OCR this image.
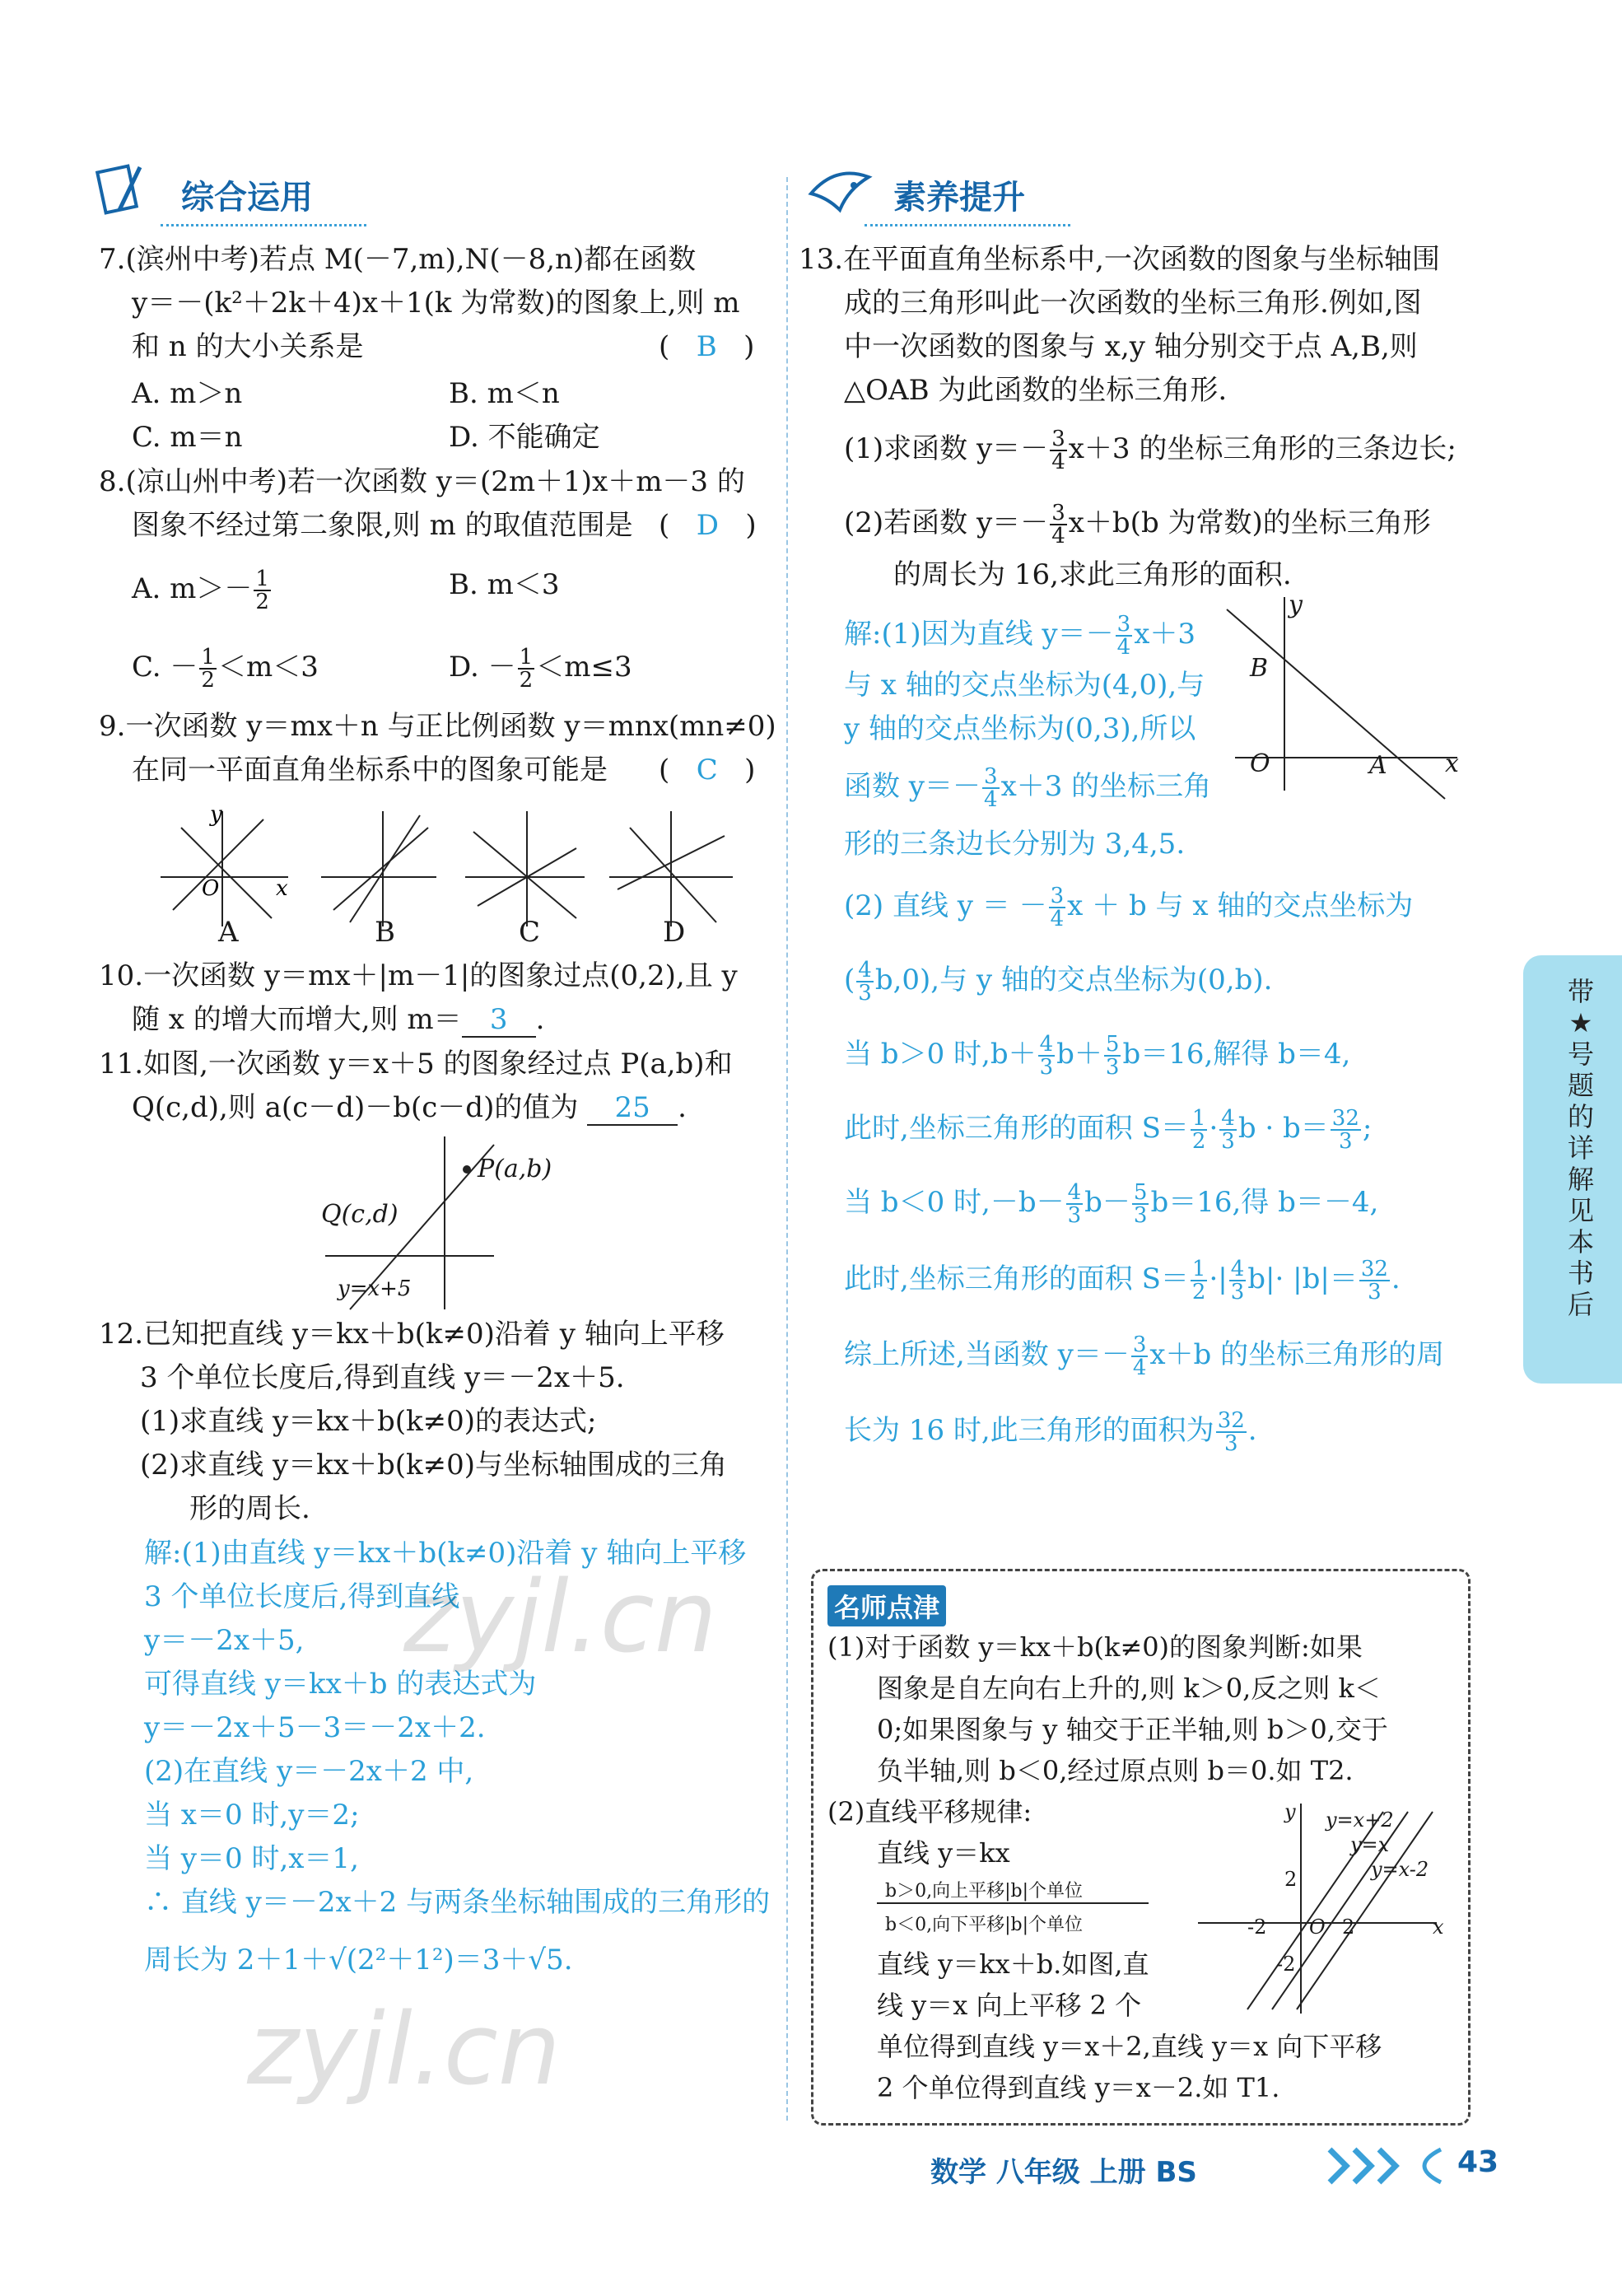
综合运用	素养提升
7.(滨州中考)若点 M(－7,m),N(－8,n)都在函数
y＝－(k²＋2k＋4)x＋1(k 为常数)的图象上,则 m
和 n 的大小关系是	(   B   )
A. m＞n	B. m＜n
C. m＝n	D. 不能确定
8.(凉山州中考)若一次函数 y＝(2m＋1)x＋m－3 的
图象不经过第二象限,则 m 的取值范围是 (   D   )
A. $m>- \frac{1}{2}$	B. m＜3
C. － $\frac{1}{2} <m<3$	D. － $\frac{1}{2} <m\le 3$
9.一次函数 y＝mx＋n 与正比例函数 y＝mnx(mn≠0)
在同一平面直角坐标系中的图象可能是 (   C   )
O	x
y
A	B	C	D
10.一次函数 y＝mx＋|m－1|的图象过点(0,2),且 y
随 x 的增大而增大,则 m＝ 3 .
11.如图,一次函数 y＝x＋5 的图象经过点 P(a,b)和
Q(c,d),则 a(c－d)－b(c－d)的值为 25 .
P(a,b)
Q(c,d)
y=x+5
12.已知把直线 y＝kx＋b(k≠0)沿着 y 轴向上平移
3 个单位长度后,得到直线 y＝－2x＋5.
(1)求直线 y＝kx＋b(k≠0)的表达式;
(2)求直线 y＝kx＋b(k≠0)与坐标轴围成的三角
形的周长.
解:(1)由直线 y＝kx＋b(k≠0)沿着 y 轴向上平移
3 个单位长度后,得到直线
y＝－2x＋5,
可得直线 y＝kx＋b 的表达式为
y＝－2x＋5－3＝－2x＋2.
(2)在直线 y＝－2x＋2 中,
当 x＝0 时,y＝2;
当 y＝0 时,x＝1,
∴ 直线 y＝－2x＋2 与两条坐标轴围成的三角形的
周长为 2＋1＋√(2²＋1²)＝3＋√5.
13.在平面直角坐标系中,一次函数的图象与坐标轴围
成的三角形叫此一次函数的坐标三角形.例如,图
中一次函数的图象与 x,y 轴分别交于点 A,B,则
△OAB 为此函数的坐标三角形.
(1)求函数 $y=- \frac{3}{4} x+3$ 的坐标三角形的三条边长;
(2)若函数 $y=- \frac{3}{4} x+b(b$ 为常数)的坐标三角形
的周长为 16,求此三角形的面积.
解:(1)因为直线 $y=- \frac{3}{4} x+3$
与 x 轴的交点坐标为(4,0),与
y 轴的交点坐标为(0,3),所以
函数 $y=- \frac{3}{4} x+3$ 的坐标三角
形的三条边长分别为 3,4,5.
B
A
O	x
y
(2) 直线 y ＝ － $\frac{3}{4}$ x ＋ b 与 x 轴的交点坐标为
( $\frac{4}{3} b,0$),与 y 轴的交点坐标为(0,b).
当 b＞0 时$,b+ \frac{4}{3} b+ \frac{5}{3} b=16$,解得 b＝4,
此时,坐标三角形的面积 $S= \frac{1}{2} \cdot \frac{4}{3}$ $b \cdot b= \frac{32}{3}$ ;
当 b＜0 时$,-b- \frac{4}{3} b- \frac{5}{3} b=16$,得 b＝－4,
此时,坐标三角形的面积 $S= \frac{1}{2}$ ·| $\frac{4}{3} b|\cdot |b|= \frac{32}{3}$ .
综上所述,当函数 $y=- \frac{3}{4} x+b$ 的坐标三角形的周
长为 16 时,此三角形的面积为 $\frac{32}{3}$ .
带★号题的详解见本书后
名师点津
(1)对于函数 y＝kx＋b(k≠0)的图象判断:如果
图象是自左向右上升的,则 k＞0,反之则 k＜
0;如果图象与 y 轴交于正半轴,则 b＞0,交于
负半轴,则 b＜0,经过原点则 b＝0.如 T2.
(2)直线平移规律:
直线 y＝kx
b＞0,向上平移|b|个单位
b＜0,向下平移|b|个单位
直线 y＝kx＋b.如图,直
线 y＝x 向上平移 2 个
单位得到直线 y＝x＋2,直线 y＝x 向下平移
2 个单位得到直线 y＝x－2.如 T1.
y=x+2
y=x
y=x-2
y
x
2
-2
-2	2
O
zyjl.cn
zyjl.cn
数学 八年级 上册 BS	43
